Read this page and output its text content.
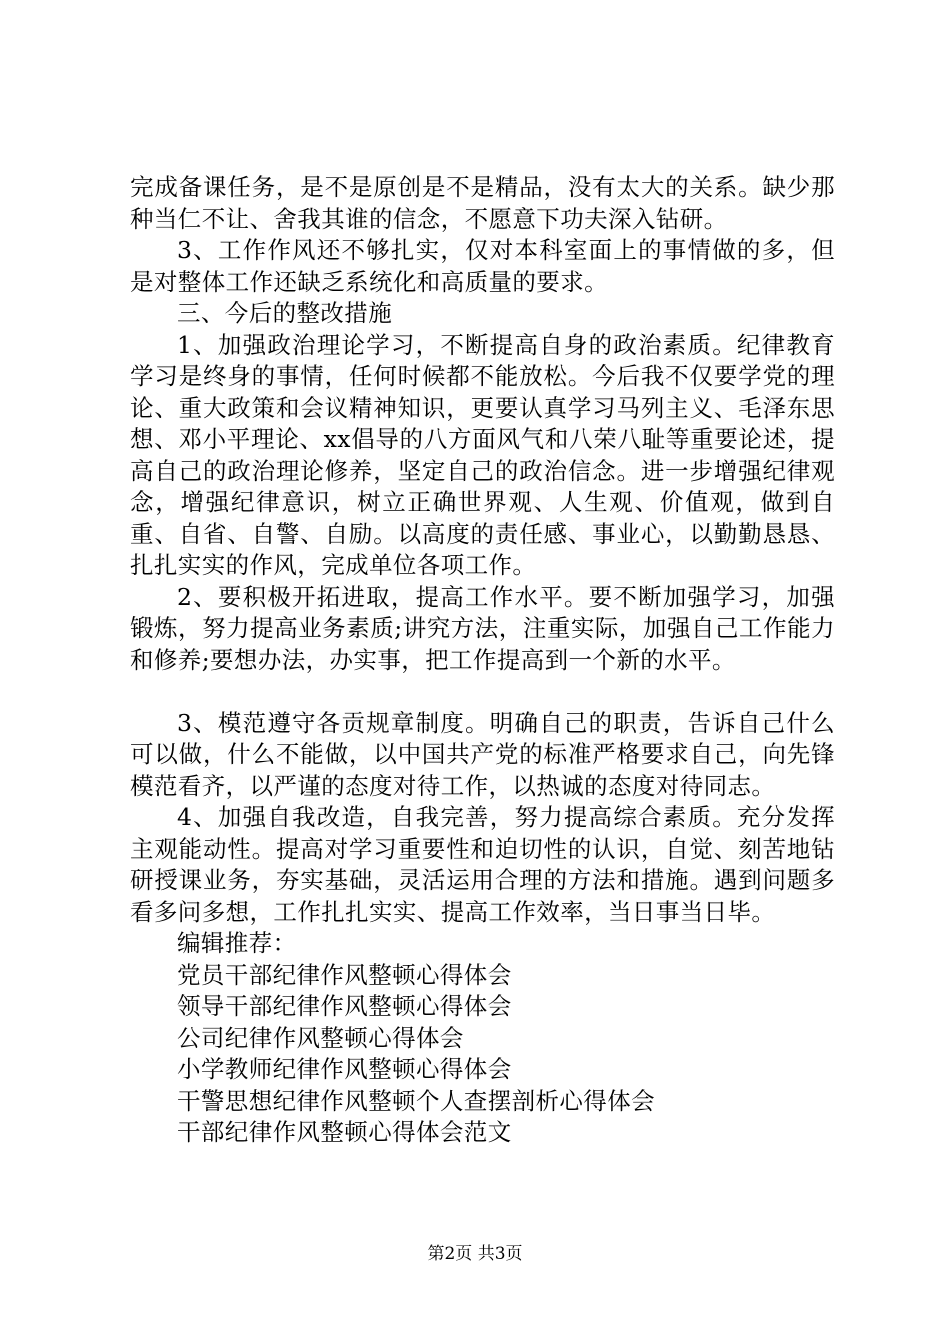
完成备课任务，是不是原创是不是精品，没有太大的关系。缺少那种当仁不让、舍我其谁的信念，不愿意下功夫深入钻研。

3、工作作风还不够扎实，仅对本科室面上的事情做的多，但是对整体工作还缺乏系统化和高质量的要求。

三、今后的整改措施

1、加强政治理论学习，不断提高自身的政治素质。纪律教育学习是终身的事情，任何时候都不能放松。今后我不仅要学党的理论、重大政策和会议精神知识，更要认真学习马列主义、毛泽东思想、邓小平理论、xx倡导的八方面风气和八荣八耻等重要论述，提高自己的政治理论修养，坚定自己的政治信念。进一步增强纪律观念，增强纪律意识，树立正确世界观、人生观、价值观，做到自重、自省、自警、自励。以高度的责任感、事业心，以勤勤恳恳、扎扎实实的作风，完成单位各项工作。

2、要积极开拓进取，提高工作水平。要不断加强学习，加强锻炼，努力提高业务素质;讲究方法，注重实际，加强自己工作能力和修养;要想办法，办实事，把工作提高到一个新的水平。

3、模范遵守各贡规章制度。明确自己的职责，告诉自己什么可以做，什么不能做，以中国共产党的标准严格要求自己，向先锋模范看齐，以严谨的态度对待工作，以热诚的态度对待同志。

4、加强自我改造，自我完善，努力提高综合素质。充分发挥主观能动性。提高对学习重要性和迫切性的认识，自觉、刻苦地钻研授课业务，夯实基础，灵活运用合理的方法和措施。遇到问题多看多问多想，工作扎扎实实、提高工作效率，当日事当日毕。

编辑推荐：

党员干部纪律作风整顿心得体会
领导干部纪律作风整顿心得体会
公司纪律作风整顿心得体会
小学教师纪律作风整顿心得体会
干警思想纪律作风整顿个人查摆剖析心得体会
干部纪律作风整顿心得体会范文
第2页 共3页
